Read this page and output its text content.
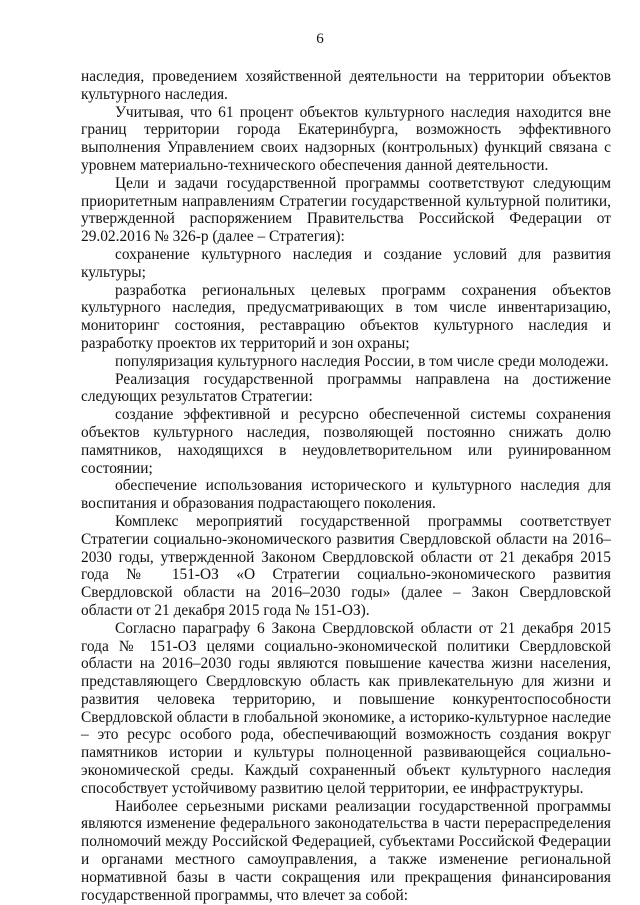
6

наследия, проведением хозяйственной деятельности на территории объектов культурного наследия.

Учитывая, что 61 процент объектов культурного наследия находится вне границ территории города Екатеринбурга, возможность эффективного выполнения Управлением своих надзорных (контрольных) функций связана с уровнем материально-технического обеспечения данной деятельности.

Цели и задачи государственной программы соответствуют следующим приоритетным направлениям Стратегии государственной культурной политики, утвержденной распоряжением Правительства Российской Федерации от 29.02.2016 № 326-р (далее – Стратегия):

сохранение культурного наследия и создание условий для развития культуры;

разработка региональных целевых программ сохранения объектов культурного наследия, предусматривающих в том числе инвентаризацию, мониторинг состояния, реставрацию объектов культурного наследия и разработку проектов их территорий и зон охраны;

популяризация культурного наследия России, в том числе среди молодежи.

Реализация государственной программы направлена на достижение следующих результатов Стратегии:

создание эффективной и ресурсно обеспеченной системы сохранения объектов культурного наследия, позволяющей постоянно снижать долю памятников, находящихся в неудовлетворительном или руинированном состоянии;

обеспечение использования исторического и культурного наследия для воспитания и образования подрастающего поколения.

Комплекс мероприятий государственной программы соответствует Стратегии социально-экономического развития Свердловской области на 2016–2030 годы, утвержденной Законом Свердловской области от 21 декабря 2015 года № 151-ОЗ «О Стратегии социально-экономического развития Свердловской области на 2016–2030 годы» (далее – Закон Свердловской области от 21 декабря 2015 года № 151-ОЗ).

Согласно параграфу 6 Закона Свердловской области от 21 декабря 2015 года № 151-ОЗ целями социально-экономической политики Свердловской области на 2016–2030 годы являются повышение качества жизни населения, представляющего Свердловскую область как привлекательную для жизни и развития человека территорию, и повышение конкурентоспособности Свердловской области в глобальной экономике, а историко-культурное наследие – это ресурс особого рода, обеспечивающий возможность создания вокруг памятников истории и культуры полноценной развивающейся социально-экономической среды. Каждый сохраненный объект культурного наследия способствует устойчивому развитию целой территории, ее инфраструктуры.

Наиболее серьезными рисками реализации государственной программы являются изменение федерального законодательства в части перераспределения полномочий между Российской Федерацией, субъектами Российской Федерации и органами местного самоуправления, а также изменение региональной нормативной базы в части сокращения или прекращения финансирования государственной программы, что влечет за собой:
